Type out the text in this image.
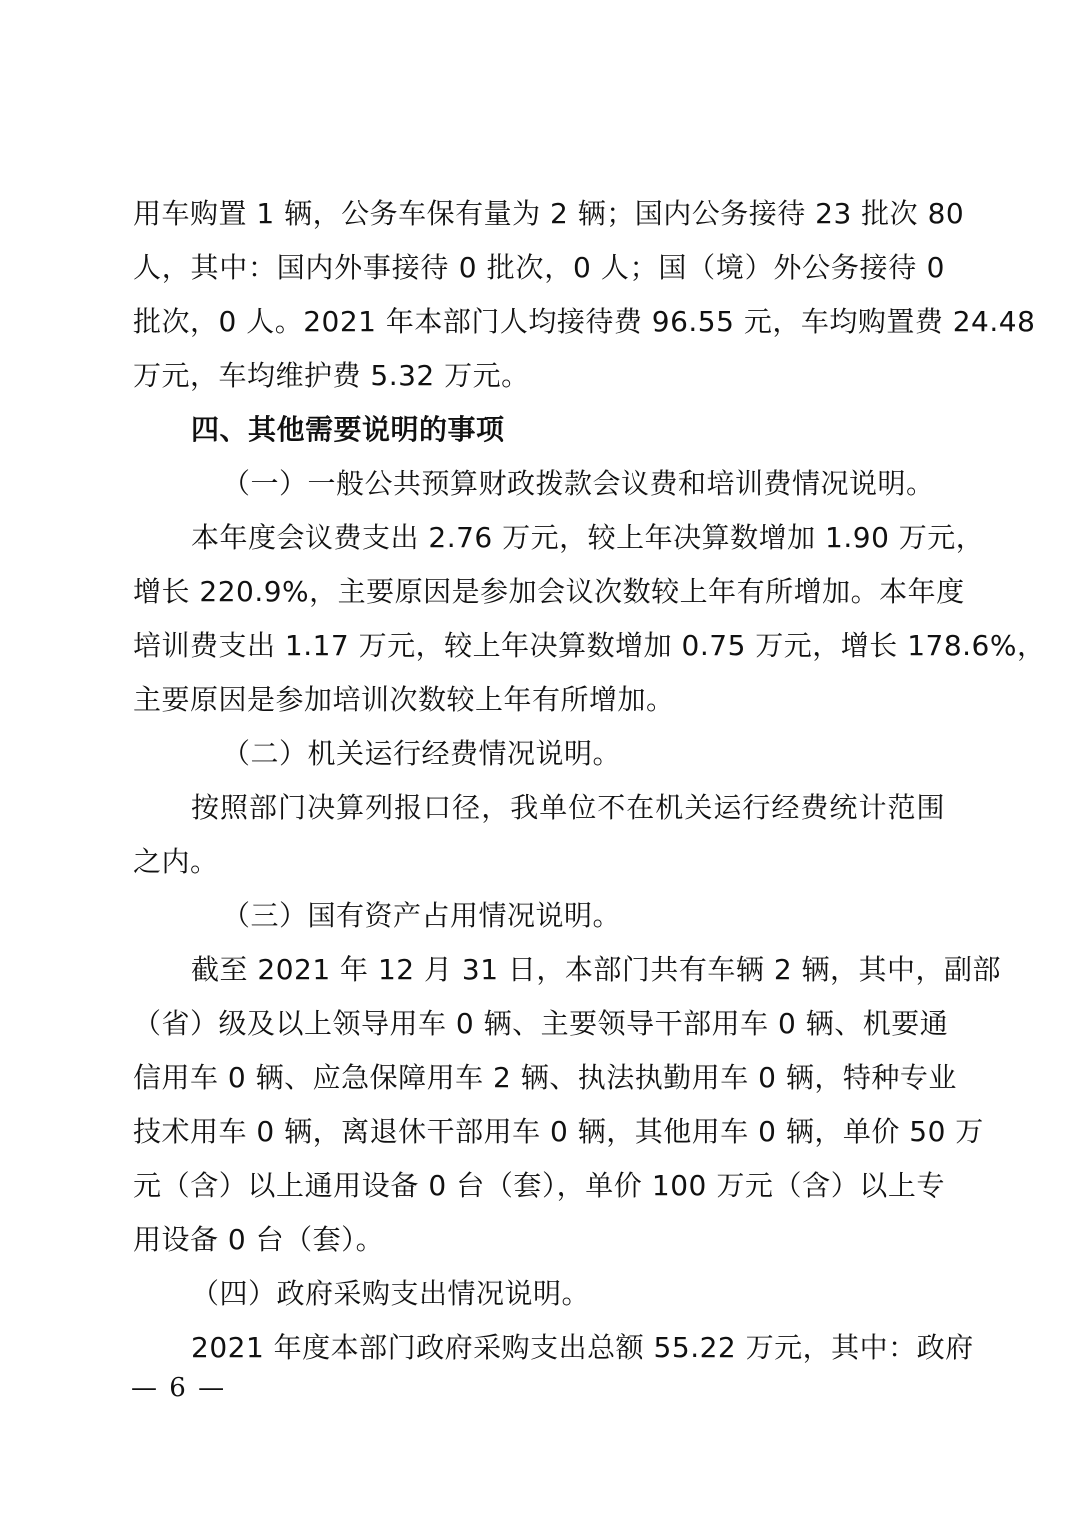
用车购置 1 辆，公务车保有量为 2 辆；国内公务接待 23 批次 80
人，其中：国内外事接待 0 批次，0 人；国（境）外公务接待 0
批次，0 人。2021 年本部门人均接待费 96.55 元，车均购置费 24.48
万元，车均维护费 5.32 万元。
四、其他需要说明的事项
（一）一般公共预算财政拨款会议费和培训费情况说明。
本年度会议费支出 2.76 万元，较上年决算数增加 1.90 万元，
增长 220.9%，主要原因是参加会议次数较上年有所增加。本年度
培训费支出 1.17 万元，较上年决算数增加 0.75 万元，增长 178.6%，
主要原因是参加培训次数较上年有所增加。
（二）机关运行经费情况说明。
按照部门决算列报口径，我单位不在机关运行经费统计范围
之内。
（三）国有资产占用情况说明。
截至 2021 年 12 月 31 日，本部门共有车辆 2 辆，其中，副部
（省）级及以上领导用车 0 辆、主要领导干部用车 0 辆、机要通
信用车 0 辆、应急保障用车 2 辆、执法执勤用车 0 辆，特种专业
技术用车 0 辆，离退休干部用车 0 辆，其他用车 0 辆，单价 50 万
元（含）以上通用设备 0 台（套），单价 100 万元（含）以上专
用设备 0 台（套）。
（四）政府采购支出情况说明。
2021 年度本部门政府采购支出总额 55.22 万元，其中：政府
— 6 —
